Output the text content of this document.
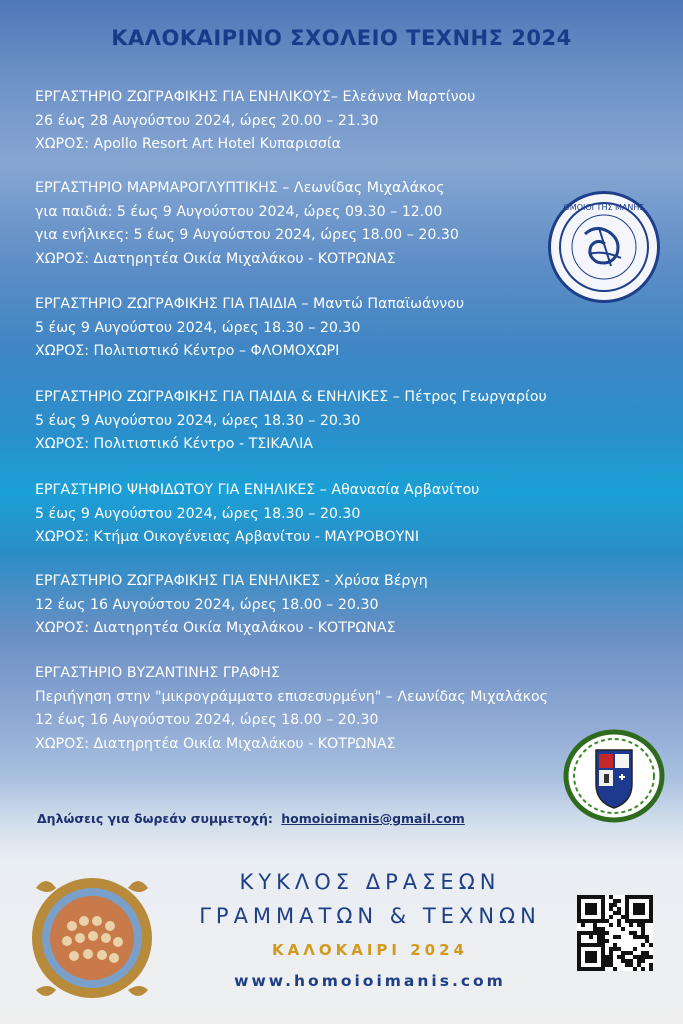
ΚΑΛΟΚΑΙΡΙΝΟ ΣΧΟΛΕΙΟ ΤΕΧΝΗΣ 2024
ΕΡΓΑΣΤΗΡΙΟ ΖΩΓΡΑΦΙΚΗΣ ΓΙΑ ΕΝΗΛΙΚΟΥΣ– Ελεάννα Μαρτίνου
26 έως 28 Αυγούστου 2024, ώρες 20.00 – 21.30
ΧΩΡΟΣ: Apollo Resort Art Hotel Κυπαρισσία
ΕΡΓΑΣΤΗΡΙΟ ΜΑΡΜΑΡΟΓΛΥΠΤΙΚΗΣ – Λεωνίδας Μιχαλάκος
για παιδιά: 5 έως 9 Αυγούστου 2024, ώρες 09.30 – 12.00
για ενήλικες: 5 έως 9 Αυγούστου 2024, ώρες 18.00 – 20.30
ΧΩΡΟΣ: Διατηρητέα Οικία Μιχαλάκου - ΚΟΤΡΩΝΑΣ
ΕΡΓΑΣΤΗΡΙΟ ΖΩΓΡΑΦΙΚΗΣ ΓΙΑ ΠΑΙΔΙΑ – Μαντώ Παπαϊωάννου
5 έως 9 Αυγούστου 2024, ώρες 18.30 – 20.30
ΧΩΡΟΣ: Πολιτιστικό Κέντρο – ΦΛΟΜΟΧΩΡΙ
ΕΡΓΑΣΤΗΡΙΟ ΖΩΓΡΑΦΙΚΗΣ ΓΙΑ ΠΑΙΔΙΑ & ΕΝΗΛΙΚΕΣ – Πέτρος Γεωργαρίου
5 έως 9 Αυγούστου 2024, ώρες 18.30 – 20.30
ΧΩΡΟΣ: Πολιτιστικό Κέντρο - ΤΣΙΚΑΛΙΑ
ΕΡΓΑΣΤΗΡΙΟ ΨΗΦΙΔΩΤΟΥ ΓΙΑ ΕΝΗΛΙΚΕΣ – Αθανασία Αρβανίτου
5 έως 9 Αυγούστου 2024, ώρες 18.30 – 20.30
ΧΩΡΟΣ: Κτήμα Οικογένειας Αρβανίτου - ΜΑΥΡΟΒΟΥΝΙ
ΕΡΓΑΣΤΗΡΙΟ ΖΩΓΡΑΦΙΚΗΣ ΓΙΑ ΕΝΗΛΙΚΕΣ - Χρύσα Βέργη
12 έως 16 Αυγούστου 2024, ώρες 18.00 – 20.30
ΧΩΡΟΣ: Διατηρητέα Οικία Μιχαλάκου - ΚΟΤΡΩΝΑΣ
ΕΡΓΑΣΤΗΡΙΟ ΒΥΖΑΝΤΙΝΗΣ ΓΡΑΦΗΣ
Περιήγηση στην "μικρογράμματο επισεσυρμένη" – Λεωνίδας Μιχαλάκος
12 έως 16 Αυγούστου 2024, ώρες 18.00 – 20.30
ΧΩΡΟΣ: Διατηρητέα Οικία Μιχαλάκου - ΚΟΤΡΩΝΑΣ
ΟΜΟΙΟΙ ΤΗΣ ΜΑΝΗΣ
Δηλώσεις για δωρεάν συμμετοχή: homoioimanis@gmail.com
ΚΥΚΛΟΣ ΔΡΑΣΕΩΝ
ΓΡΑΜΜΑΤΩΝ & ΤΕΧΝΩΝ
ΚΑΛΟΚΑΙΡΙ 2024
www.homoioimanis.com
